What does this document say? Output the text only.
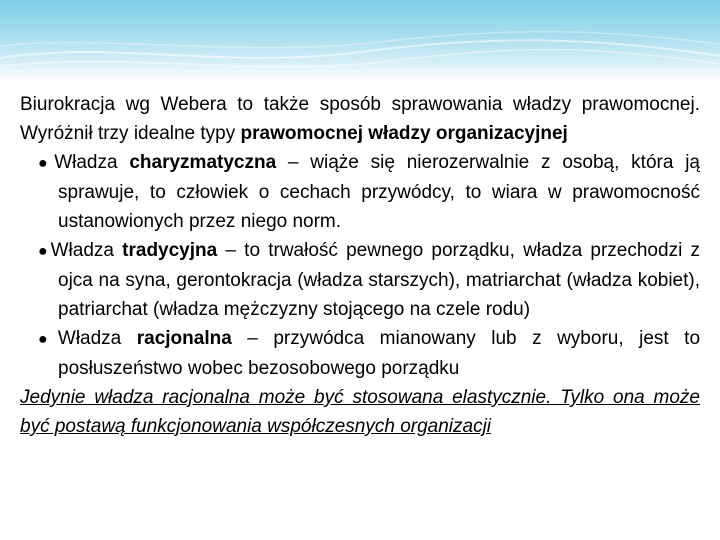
Biurokracja wg Webera to także sposób sprawowania władzy prawomocnej. Wyróżnił trzy idealne typy prawomocnej władzy organizacyjnej

●Władza charyzmatyczna – wiąże się nierozerwalnie z osobą, która ją sprawuje, to człowiek o cechach przywódcy, to wiara w prawomocność ustanowionych przez niego norm.

●Władza tradycyjna – to trwałość pewnego porządku, władza przechodzi z ojca na syna, gerontokracja (władza starszych), matriarchat (władza kobiet), patriarchat (władza mężczyzny stojącego na czele rodu)

●Władza racjonalna – przywódca mianowany lub z wyboru, jest to posłuszeństwo wobec bezosobowego porządku

Jedynie władza racjonalna może być stosowana elastycznie. Tylko ona może być postawą funkcjonowania współczesnych organizacji
